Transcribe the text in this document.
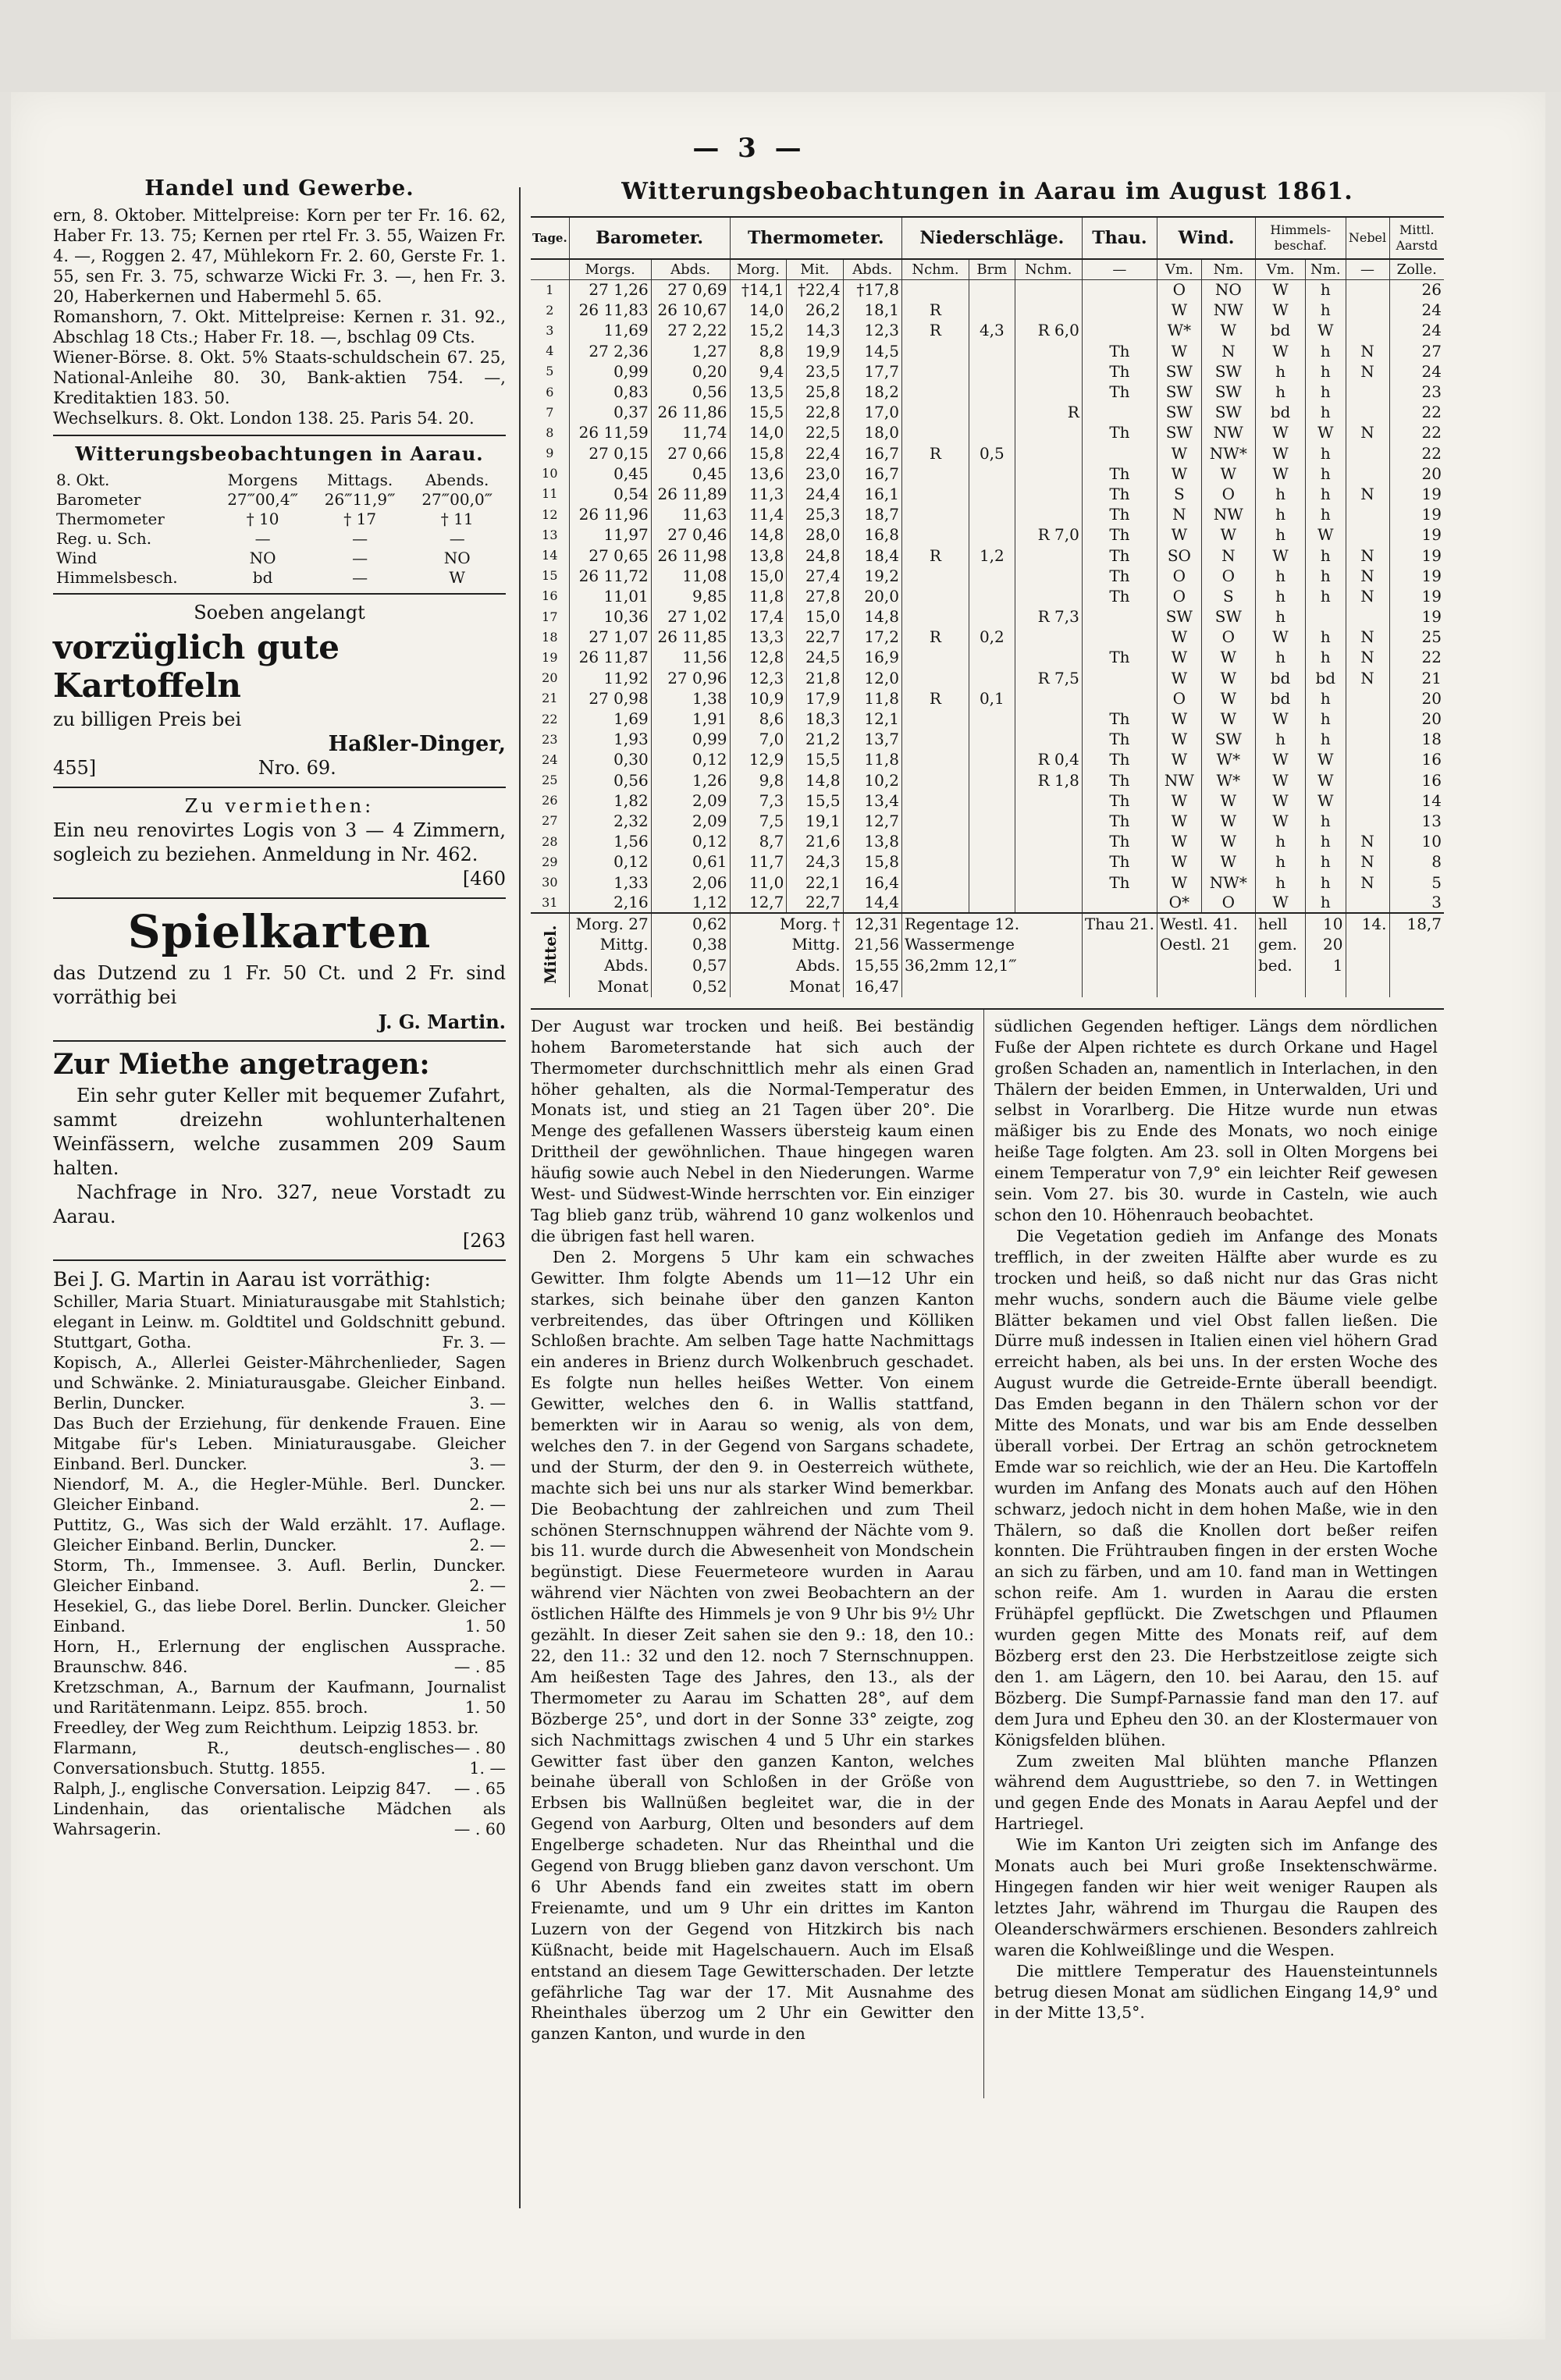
— 3 —
Handel und Gewerbe.
ern, 8. Oktober. Mittelpreise: Korn per ter Fr. 16. 62, Haber Fr. 13. 75; Kernen per rtel Fr. 3. 55, Waizen Fr. 4. —, Roggen 2. 47, Mühlekorn Fr. 2. 60, Gerste Fr. 1. 55, sen Fr. 3. 75, schwarze Wicki Fr. 3. —, hen Fr. 3. 20, Haberkernen und Habermehl 5. 65.
Romanshorn, 7. Okt. Mittelpreise: Kernen r. 31. 92., Abschlag 18 Cts.; Haber Fr. 18. —, bschlag 09 Cts.
Wiener-Börse. 8. Okt. 5% Staats-schuldschein 67. 25, National-Anleihe 80. 30, Bank-aktien 754. —, Kreditaktien 183. 50.
Wechselkurs. 8. Okt. London 138. 25. Paris 54. 20.
Witterungsbeobachtungen in Aarau.
8. Okt.	Morgens	Mittags.	Abends.
Barometer	27‴00,4‴	26‴11,9‴	27‴00,0‴
Thermometer	† 10	† 17	† 11
Reg. u. Sch.	—	—	—
Wind	NO	—	NO
Himmelsbesch.	bd	—	W
Soeben angelangt
vorzüglich gute Kartoffeln
zu billigen Preis bei
Haßler-Dinger,
455]	Nro. 69.
Zu vermiethen:
Ein neu renovirtes Logis von 3 — 4 Zimmern, sogleich zu beziehen. Anmeldung in Nr. 462.
[460
Spielkarten
das Dutzend zu 1 Fr. 50 Ct. und 2 Fr. sind vorräthig bei
J. G. Martin.
Zur Miethe angetragen:
Ein sehr guter Keller mit bequemer Zufahrt, sammt dreizehn wohlunterhaltenen Weinfässern, welche zusammen 209 Saum halten.
Nachfrage in Nro. 327, neue Vorstadt zu Aarau.
[263
Bei J. G. Martin in Aarau ist vorräthig:
Schiller, Maria Stuart. Miniaturausgabe mit Stahlstich; elegant in Leinw. m. Goldtitel und Goldschnitt gebund. Stuttgart, Gotha.	Fr. 3. —
Kopisch, A., Allerlei Geister-Mährchenlieder, Sagen und Schwänke. 2. Miniaturausgabe. Gleicher Einband. Berlin, Duncker.	3. —
Das Buch der Erziehung, für denkende Frauen. Eine Mitgabe für's Leben. Miniaturausgabe. Gleicher Einband. Berl. Duncker.	3. —
Niendorf, M. A., die Hegler-Mühle. Berl. Duncker. Gleicher Einband.	2. —
Puttitz, G., Was sich der Wald erzählt. 17. Auflage. Gleicher Einband. Berlin, Duncker.	2. —
Storm, Th., Immensee. 3. Aufl. Berlin, Duncker. Gleicher Einband.	2. —
Hesekiel, G., das liebe Dorel. Berlin. Duncker. Gleicher Einband.	1. 50
Horn, H., Erlernung der englischen Aussprache. Braunschw. 846.	— . 85
Kretzschman, A., Barnum der Kaufmann, Journalist und Raritätenmann. Leipz. 855. broch.	1. 50
Freedley, der Weg zum Reichthum. Leipzig 1853. br.
— . 80
Flarmann, R., deutsch-englisches Conversationsbuch. Stuttg. 1855.	1. —
Ralph, J., englische Conversation. Leipzig 847. — . 65
Lindenhain, das orientalische Mädchen als Wahrsagerin.	— . 60
Witterungsbeobachtungen in Aarau im August 1861.
Tage.	Barometer.		Thermometer.			Niederschläge.			Thau.	Wind.		Himmels-beschaf.		Nebel	Mittl. Aarstd
	Morgs.	Abds.	Morg.	Mit.	Abds.	Nchm.	Brm	Nchm.	—	Vm.	Nm.	Vm.	Nm.	—	Zolle.
1	27 1,26	27 0,69	†14,1	†22,4	†17,8					O	NO	W	h		26
2	26 11,83	26 10,67	14,0	26,2	18,1	R				W	NW	W	h		24
3	11,69	27 2,22	15,2	14,3	12,3	R	4,3	R 6,0		W*	W	bd	W		24
4	27 2,36	1,27	8,8	19,9	14,5				Th	W	N	W	h	N	27
5	0,99	0,20	9,4	23,5	17,7				Th	SW	SW	h	h	N	24
6	0,83	0,56	13,5	25,8	18,2				Th	SW	SW	h	h		23
7	0,37	26 11,86	15,5	22,8	17,0			R		SW	SW	bd	h		22
8	26 11,59	11,74	14,0	22,5	18,0				Th	SW	NW	W	W	N	22
9	27 0,15	27 0,66	15,8	22,4	16,7	R	0,5			W	NW*	W	h		22
10	0,45	0,45	13,6	23,0	16,7				Th	W	W	W	h		20
11	0,54	26 11,89	11,3	24,4	16,1				Th	S	O	h	h	N	19
12	26 11,96	11,63	11,4	25,3	18,7				Th	N	NW	h	h		19
13	11,97	27 0,46	14,8	28,0	16,8			R 7,0	Th	W	W	h	W		19
14	27 0,65	26 11,98	13,8	24,8	18,4	R	1,2		Th	SO	N	W	h	N	19
15	26 11,72	11,08	15,0	27,4	19,2				Th	O	O	h	h	N	19
16	11,01	9,85	11,8	27,8	20,0				Th	O	S	h	h	N	19
17	10,36	27 1,02	17,4	15,0	14,8			R 7,3		SW	SW	h			19
18	27 1,07	26 11,85	13,3	22,7	17,2	R	0,2			W	O	W	h	N	25
19	26 11,87	11,56	12,8	24,5	16,9				Th	W	W	h	h	N	22
20	11,92	27 0,96	12,3	21,8	12,0			R 7,5		W	W	bd	bd	N	21
21	27 0,98	1,38	10,9	17,9	11,8	R	0,1			O	W	bd	h		20
22	1,69	1,91	8,6	18,3	12,1				Th	W	W	W	h		20
23	1,93	0,99	7,0	21,2	13,7				Th	W	SW	h	h		18
24	0,30	0,12	12,9	15,5	11,8			R 0,4	Th	W	W*	W	W		16
25	0,56	1,26	9,8	14,8	10,2			R 1,8	Th	NW	W*	W	W		16
26	1,82	2,09	7,3	15,5	13,4				Th	W	W	W	W		14
27	2,32	2,09	7,5	19,1	12,7				Th	W	W	W	h		13
28	1,56	0,12	8,7	21,6	13,8				Th	W	W	h	h	N	10
29	0,12	0,61	11,7	24,3	15,8				Th	W	W	h	h	N	8
30	1,33	2,06	11,0	22,1	16,4				Th	W	NW*	h	h	N	5
31	2,16	1,12	12,7	22,7	14,4					O*	O	W	h		3
Mittel.	Morg. 27	0,62	Morg. †		12,31	Regentage 12.			Thau 21.	Westl. 41.		hell	10	14.	18,7
	Mittg.	0,38	Mittg.		21,56	Wassermenge				Oestl. 21		gem.	20		
	Abds.	0,57	Abds.		15,55	36,2mm 12,1‴						bed.	1		
	Monat	0,52	Monat		16,47										

Der August war trocken und heiß. Bei beständig hohem Barometerstande hat sich auch der Thermometer durchschnittlich mehr als einen Grad höher gehalten, als die Normal-Temperatur des Monats ist, und stieg an 21 Tagen über 20°. Die Menge des gefallenen Wassers übersteig kaum einen Drittheil der gewöhnlichen. Thaue hingegen waren häufig sowie auch Nebel in den Niederungen. Warme West- und Südwest-Winde herrschten vor. Ein einziger Tag blieb ganz trüb, während 10 ganz wolkenlos und die übrigen fast hell waren.

Den 2. Morgens 5 Uhr kam ein schwaches Gewitter. Ihm folgte Abends um 11—12 Uhr ein starkes, sich beinahe über den ganzen Kanton verbreitendes, das über Oftringen und Kölliken Schloßen brachte. Am selben Tage hatte Nachmittags ein anderes in Brienz durch Wolkenbruch geschadet. Es folgte nun helles heißes Wetter. Von einem Gewitter, welches den 6. in Wallis stattfand, bemerkten wir in Aarau so wenig, als von dem, welches den 7. in der Gegend von Sargans schadete, und der Sturm, der den 9. in Oesterreich wüthete, machte sich bei uns nur als starker Wind bemerkbar. Die Beobachtung der zahlreichen und zum Theil schönen Sternschnuppen während der Nächte vom 9. bis 11. wurde durch die Abwesenheit von Mondschein begünstigt. Diese Feuermeteore wurden in Aarau während vier Nächten von zwei Beobachtern an der östlichen Hälfte des Himmels je von 9 Uhr bis 9½ Uhr gezählt. In dieser Zeit sahen sie den 9.: 18, den 10.: 22, den 11.: 32 und den 12. noch 7 Sternschnuppen. Am heißesten Tage des Jahres, den 13., als der Thermometer zu Aarau im Schatten 28°, auf dem Bözberge 25°, und dort in der Sonne 33° zeigte, zog sich Nachmittags zwischen 4 und 5 Uhr ein starkes Gewitter fast über den ganzen Kanton, welches beinahe überall von Schloßen in der Größe von Erbsen bis Wallnüßen begleitet war, die in der Gegend von Aarburg, Olten und besonders auf dem Engelberge schadeten. Nur das Rheinthal und die Gegend von Brugg blieben ganz davon verschont. Um 6 Uhr Abends fand ein zweites statt im obern Freienamte, und um 9 Uhr ein drittes im Kanton Luzern von der Gegend von Hitzkirch bis nach Küßnacht, beide mit Hagelschauern. Auch im Elsaß entstand an diesem Tage Gewitterschaden. Der letzte gefährliche Tag war der 17. Mit Ausnahme des Rheinthales überzog um 2 Uhr ein Gewitter den ganzen Kanton, und wurde in den

südlichen Gegenden heftiger. Längs dem nördlichen Fuße der Alpen richtete es durch Orkane und Hagel großen Schaden an, namentlich in Interlachen, in den Thälern der beiden Emmen, in Unterwalden, Uri und selbst in Vorarlberg. Die Hitze wurde nun etwas mäßiger bis zu Ende des Monats, wo noch einige heiße Tage folgten. Am 23. soll in Olten Morgens bei einem Temperatur von 7,9° ein leichter Reif gewesen sein. Vom 27. bis 30. wurde in Casteln, wie auch schon den 10. Höhenrauch beobachtet.

Die Vegetation gedieh im Anfange des Monats trefflich, in der zweiten Hälfte aber wurde es zu trocken und heiß, so daß nicht nur das Gras nicht mehr wuchs, sondern auch die Bäume viele gelbe Blätter bekamen und viel Obst fallen ließen. Die Dürre muß indessen in Italien einen viel höhern Grad erreicht haben, als bei uns. In der ersten Woche des August wurde die Getreide-Ernte überall beendigt. Das Emden begann in den Thälern schon vor der Mitte des Monats, und war bis am Ende desselben überall vorbei. Der Ertrag an schön getrocknetem Emde war so reichlich, wie der an Heu. Die Kartoffeln wurden im Anfang des Monats auch auf den Höhen schwarz, jedoch nicht in dem hohen Maße, wie in den Thälern, so daß die Knollen dort beßer reifen konnten. Die Frühtrauben fingen in der ersten Woche an sich zu färben, und am 10. fand man in Wettingen schon reife. Am 1. wurden in Aarau die ersten Frühäpfel gepflückt. Die Zwetschgen und Pflaumen wurden gegen Mitte des Monats reif, auf dem Bözberg erst den 23. Die Herbstzeitlose zeigte sich den 1. am Lägern, den 10. bei Aarau, den 15. auf Bözberg. Die Sumpf-Parnassie fand man den 17. auf dem Jura und Epheu den 30. an der Klostermauer von Königsfelden blühen.

Zum zweiten Mal blühten manche Pflanzen während dem Augusttriebe, so den 7. in Wettingen und gegen Ende des Monats in Aarau Aepfel und der Hartriegel.

Wie im Kanton Uri zeigten sich im Anfange des Monats auch bei Muri große Insektenschwärme. Hingegen fanden wir hier weit weniger Raupen als letztes Jahr, während im Thurgau die Raupen des Oleanderschwärmers erschienen. Besonders zahlreich waren die Kohlweißlinge und die Wespen.

Die mittlere Temperatur des Hauensteintunnels betrug diesen Monat am südlichen Eingang 14,9° und in der Mitte 13,5°.
